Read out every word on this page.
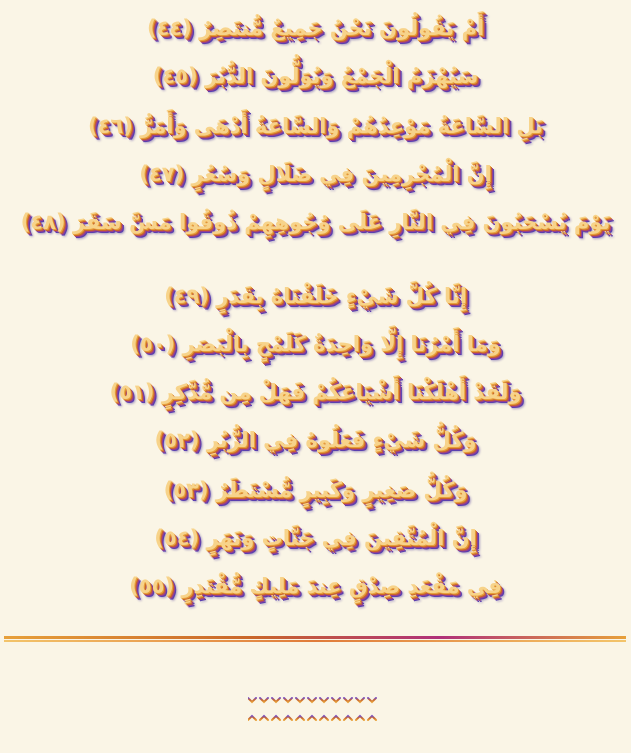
أَمْ يَقُولُونَ نَحْنُ جَمِيعٌ مُّنتَصِرٌ (٤٤)
سَيُهْزَمُ الْجَمْعُ وَيُوَلُّونَ الدُّبُرَ (٤٥)
بَلِ السَّاعَةُ مَوْعِدُهُمْ وَالسَّاعَةُ أَدْهَى وَأَمَرُّ (٤٦)
إِنَّ الْمُجْرِمِينَ فِي ضَلَالٍ وَسُعُرٍ (٤٧)
يَوْمَ يُسْحَبُونَ فِي النَّارِ عَلَى وُجُوهِهِمْ ذُوقُوا مَسَّ سَقَرَ (٤٨)
إِنَّا كُلَّ شَيْءٍ خَلَقْنَاهُ بِقَدَرٍ (٤٩)
وَمَا أَمْرُنَا إِلَّا وَاحِدَةٌ كَلَمْحٍ بِالْبَصَرِ (٥٠)
وَلَقَدْ أَهْلَكْنَا أَشْيَاعَكُمْ فَهَلْ مِن مُّدَّكِرٍ (٥١)
وَكُلُّ شَيْءٍ فَعَلُوهُ فِي الزُّبُرِ (٥٢)
وَكُلُّ صَغِيرٍ وَكَبِيرٍ مُّسْتَطَرٌ (٥٣)
إِنَّ الْمُتَّقِينَ فِي جَنَّاتٍ وَنَهَرٍ (٥٤)
فِي مَقْعَدِ صِدْقٍ عِندَ مَلِيكٍ مُّقْتَدِرٍ (٥٥)
